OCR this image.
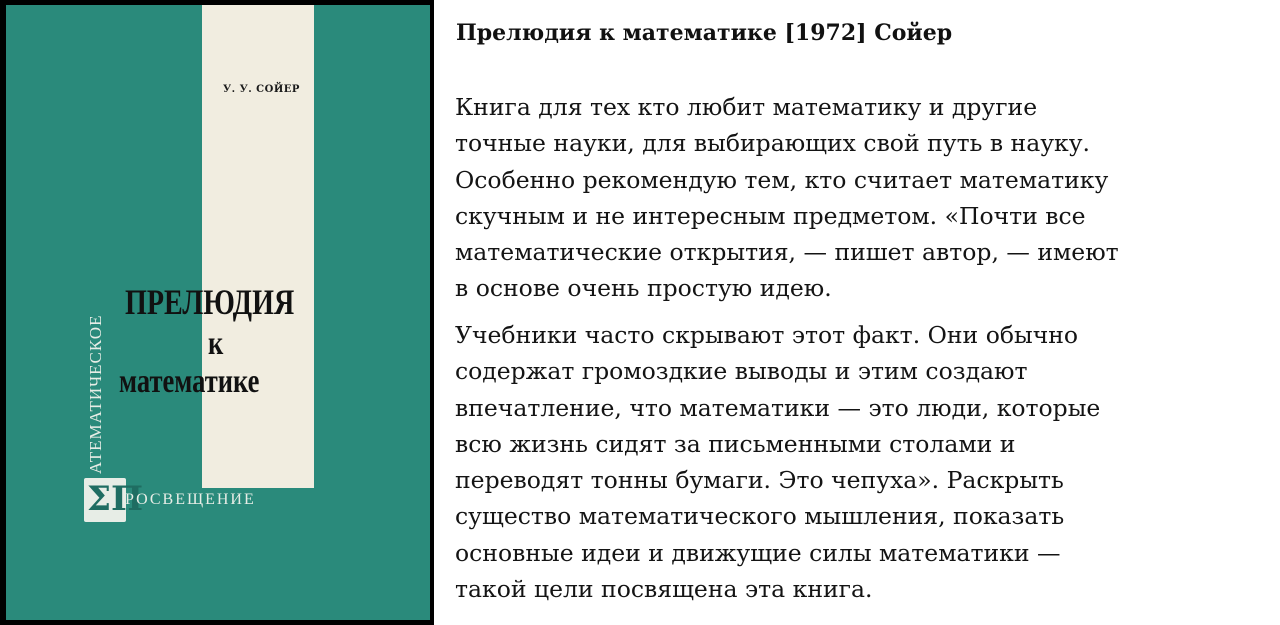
У. У. СОЙЕР
ПРЕЛЮДИЯ
к
математике
АТЕМАТИЧЕСКОЕ
ΣП
РОСВЕЩЕНИЕ
Прелюдия к математике [1972] Сойер
Книга для тех кто любит математику и другие
точные науки, для выбирающих свой путь в науку.
Особенно рекомендую тем, кто считает математику
скучным и не интересным предметом. «Почти все
математические открытия, — пишет автор, — имеют
в основе очень простую идею.
Учебники часто скрывают этот факт. Они обычно
содержат громоздкие выводы и этим создают
впечатление, что математики — это люди, которые
всю жизнь сидят за письменными столами и
переводят тонны бумаги. Это чепуха». Раскрыть
существо математического мышления, показать
основные идеи и движущие силы математики —
такой цели посвящена эта книга.
